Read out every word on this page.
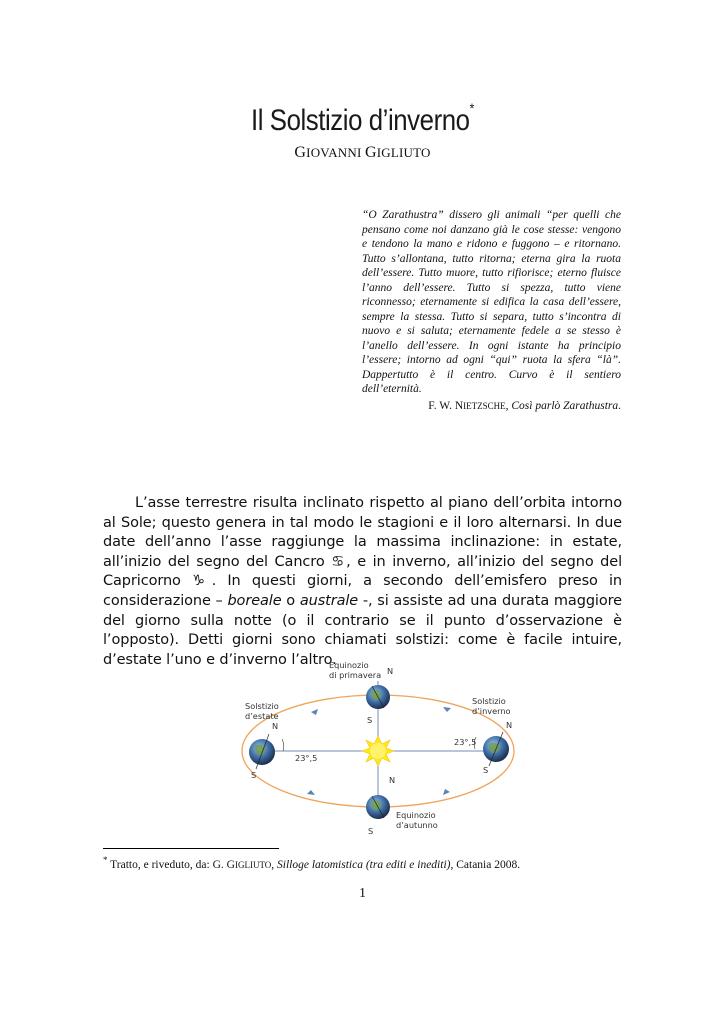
Il Solstizio d’inverno*
GIOVANNI GIGLIUTO
“O Zarathustra” dissero gli animali “per quelli che pensano come noi danzano già le cose stesse: vengono e tendono la mano e ridono e fuggono – e ritornano. Tutto s’allontana, tutto ritorna; eterna gira la ruota dell’essere. Tutto muore, tutto rifiorisce; eterno fluisce l’anno dell’essere. Tutto si spezza, tutto viene riconnesso; eternamente si edifica la casa dell’essere, sempre la stessa. Tutto si separa, tutto s’incontra di nuovo e si saluta; eternamente fedele a se stesso è l’anello dell’essere. In ogni istante ha principio l’essere; intorno ad ogni “qui” ruota la sfera “là”. Dappertutto è il centro. Curvo è il sentiero dell’eternità.
F. W. NIETZSCHE, Così parlò Zarathustra.
L’asse terrestre risulta inclinato rispetto al piano dell’orbita intorno al Sole; questo genera in tal modo le stagioni e il loro alternarsi. In due date dell’anno l’asse raggiunge la massima inclinazione: in estate, all’inizio del segno del Cancro ♋, e in inverno, all’inizio del segno del Capricorno ♑. In questi giorni, a secondo dell’emisfero preso in considerazione – boreale o australe -, si assiste ad una durata maggiore del giorno sulla notte (o il contrario se il punto d’osservazione è l’opposto). Detti giorni sono chiamati solstizi: come è facile intuire, d’estate l’uno e d’inverno l’altro.
Equinozio
di primavera
Solstizio
d’estate
Solstizio
d’inverno
Equinozio
d’autunno
23°,5
23°,5
N
S
N
S
N
S
N
S
* Tratto, e riveduto, da: G. GIGLIUTO, Silloge latomistica (tra editi e inediti), Catania 2008.
1
